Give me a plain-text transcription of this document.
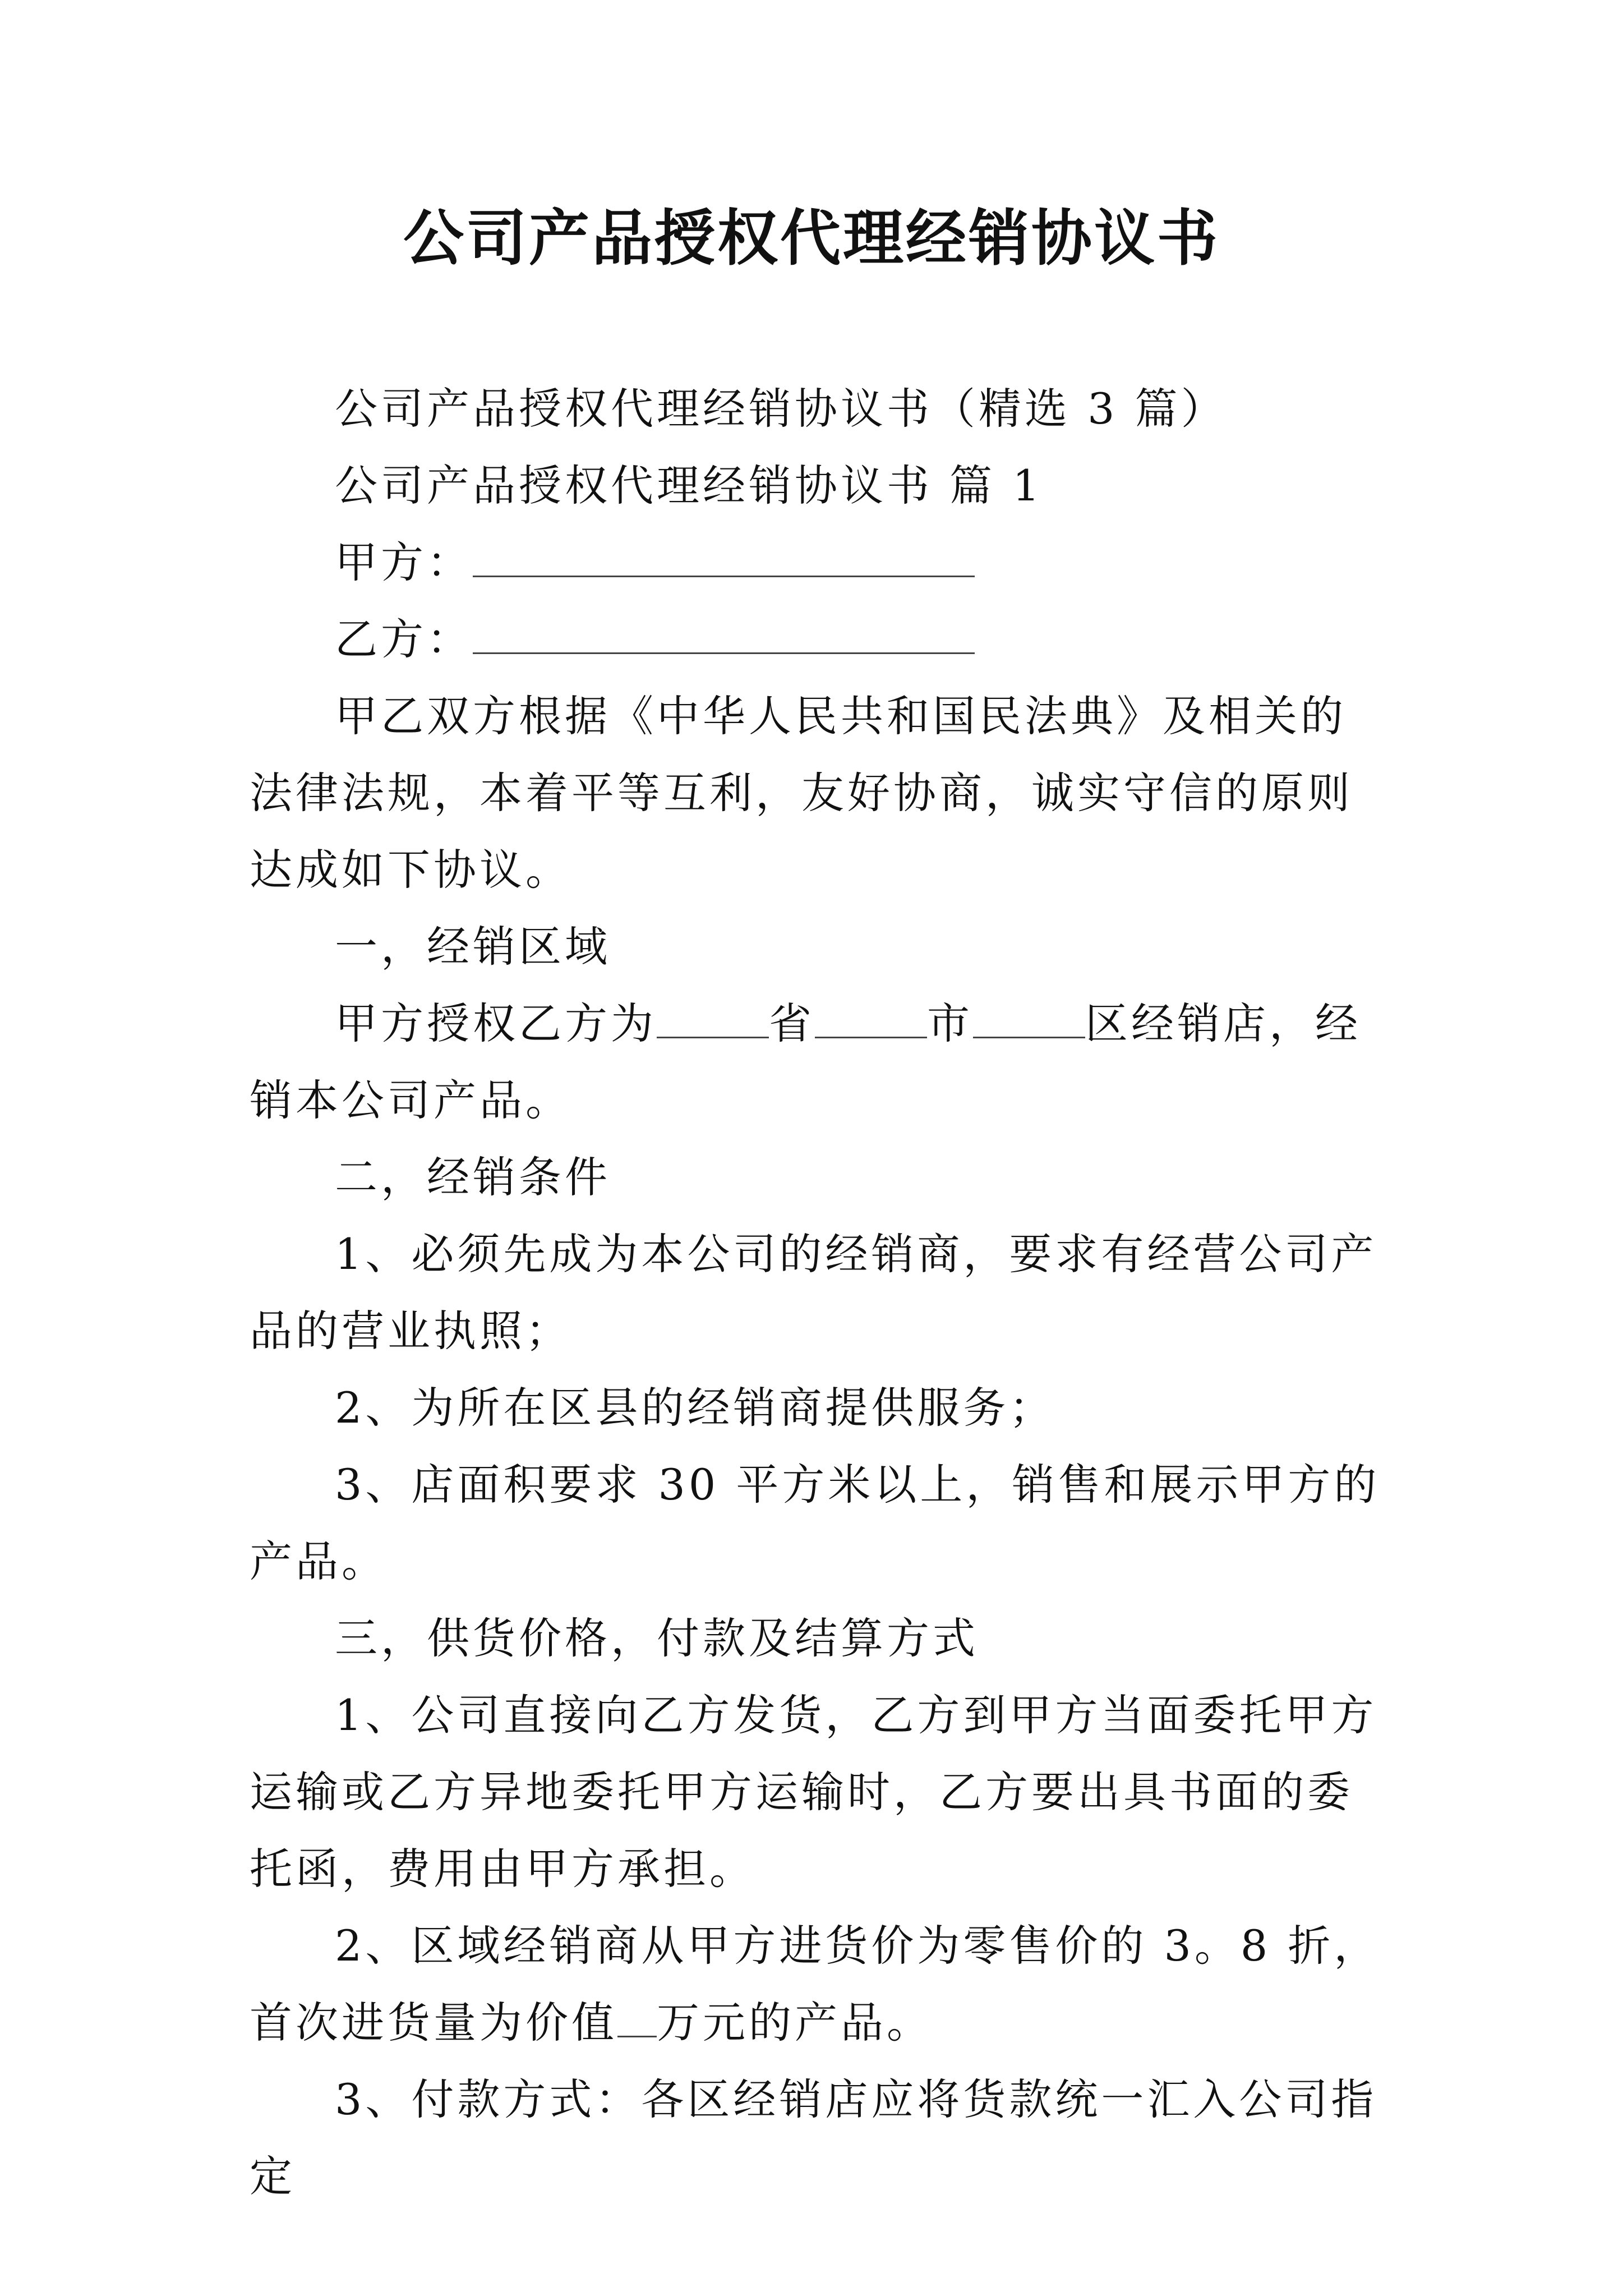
公司产品授权代理经销协议书

公司产品授权代理经销协议书（精选 3 篇）

公司产品授权代理经销协议书 篇 1

甲方：

乙方：

甲乙双方根据《中华人民共和国民法典》及相关的法律法规，本着平等互利，友好协商，诚实守信的原则达成如下协议。

一，经销区域

甲方授权乙方为	省	市	区经销店，经销本公司产品。

二，经销条件

1、必须先成为本公司的经销商，要求有经营公司产品的营业执照；

2、为所在区县的经销商提供服务；

3、店面积要求 30 平方米以上，销售和展示甲方的产品。

三，供货价格，付款及结算方式

1、公司直接向乙方发货，乙方到甲方当面委托甲方运输或乙方异地委托甲方运输时，乙方要出具书面的委托函，费用由甲方承担。

2、区域经销商从甲方进货价为零售价的 3。8 折，首次进货量为价值 万元的产品。

3、付款方式：各区经销店应将货款统一汇入公司指定
